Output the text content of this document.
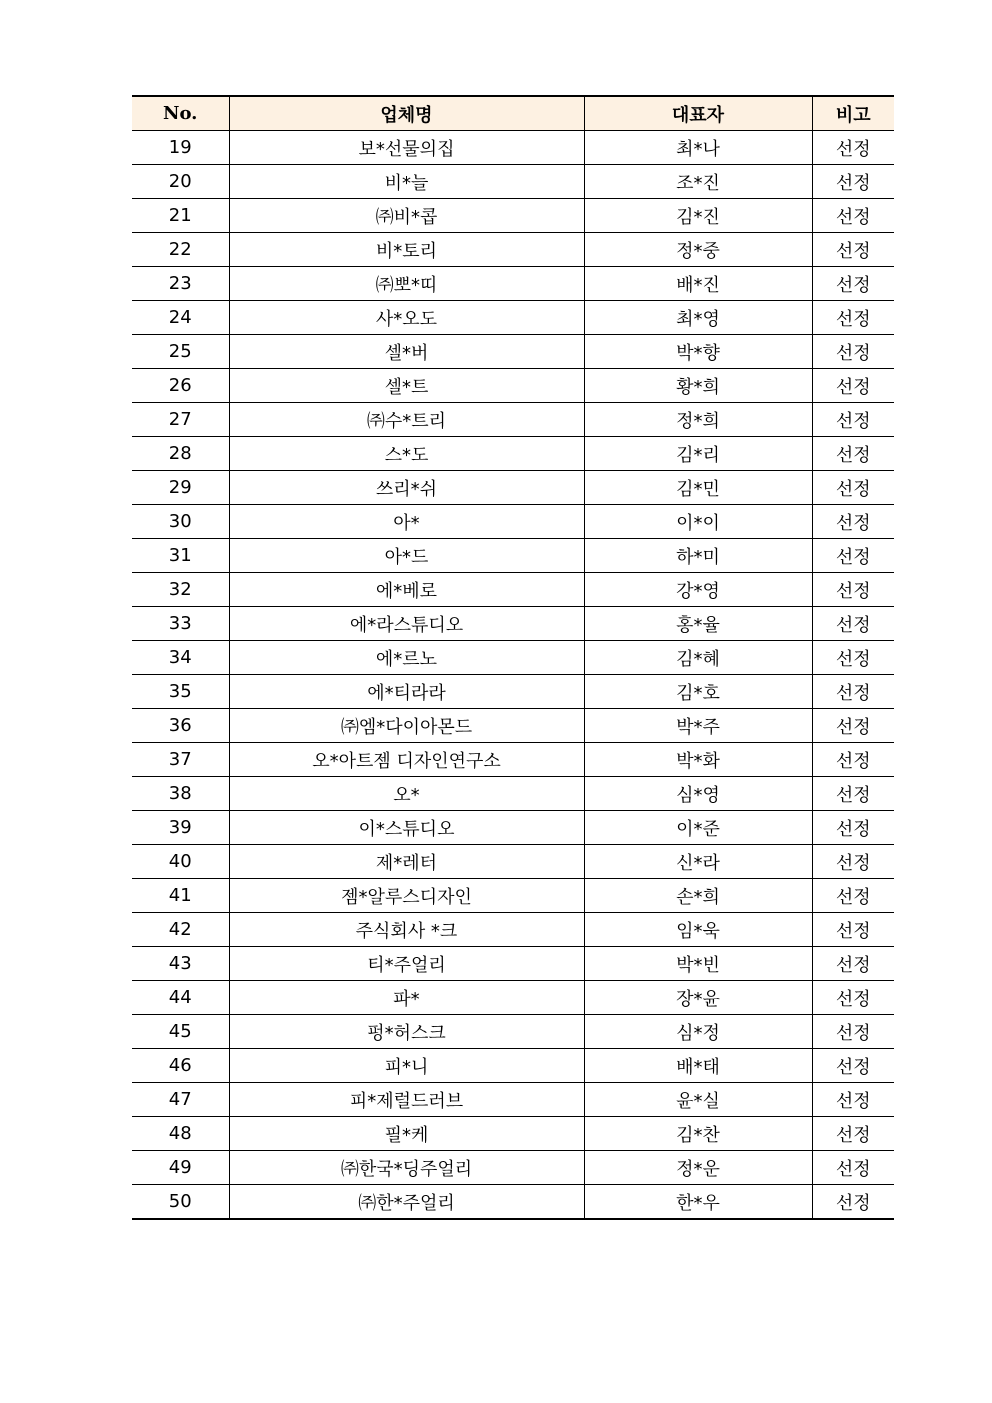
No.	업체명	대표자	비고
19	보*선물의집	최*나	선정
20	비*늘	조*진	선정
21	㈜비*콥	김*진	선정
22	비*토리	정*중	선정
23	㈜뽀*띠	배*진	선정
24	사*오도	최*영	선정
25	셀*버	박*향	선정
26	셀*트	황*희	선정
27	㈜수*트리	정*희	선정
28	스*도	김*리	선정
29	쓰리*쉬	김*민	선정
30	아*	이*이	선정
31	아*드	하*미	선정
32	에*베로	강*영	선정
33	에*라스튜디오	홍*율	선정
34	에*르노	김*혜	선정
35	에*티라라	김*호	선정
36	㈜엠*다이아몬드	박*주	선정
37	오*아트젬 디자인연구소	박*화	선정
38	오*	심*영	선정
39	이*스튜디오	이*준	선정
40	제*레터	신*라	선정
41	젬*알루스디자인	손*희	선정
42	주식회사 *크	임*욱	선정
43	티*주얼리	박*빈	선정
44	파*	장*윤	선정
45	펑*허스크	심*정	선정
46	피*니	배*태	선정
47	피*제럴드러브	윤*실	선정
48	필*케	김*찬	선정
49	㈜한국*딩주얼리	정*운	선정
50	㈜한*주얼리	한*우	선정
